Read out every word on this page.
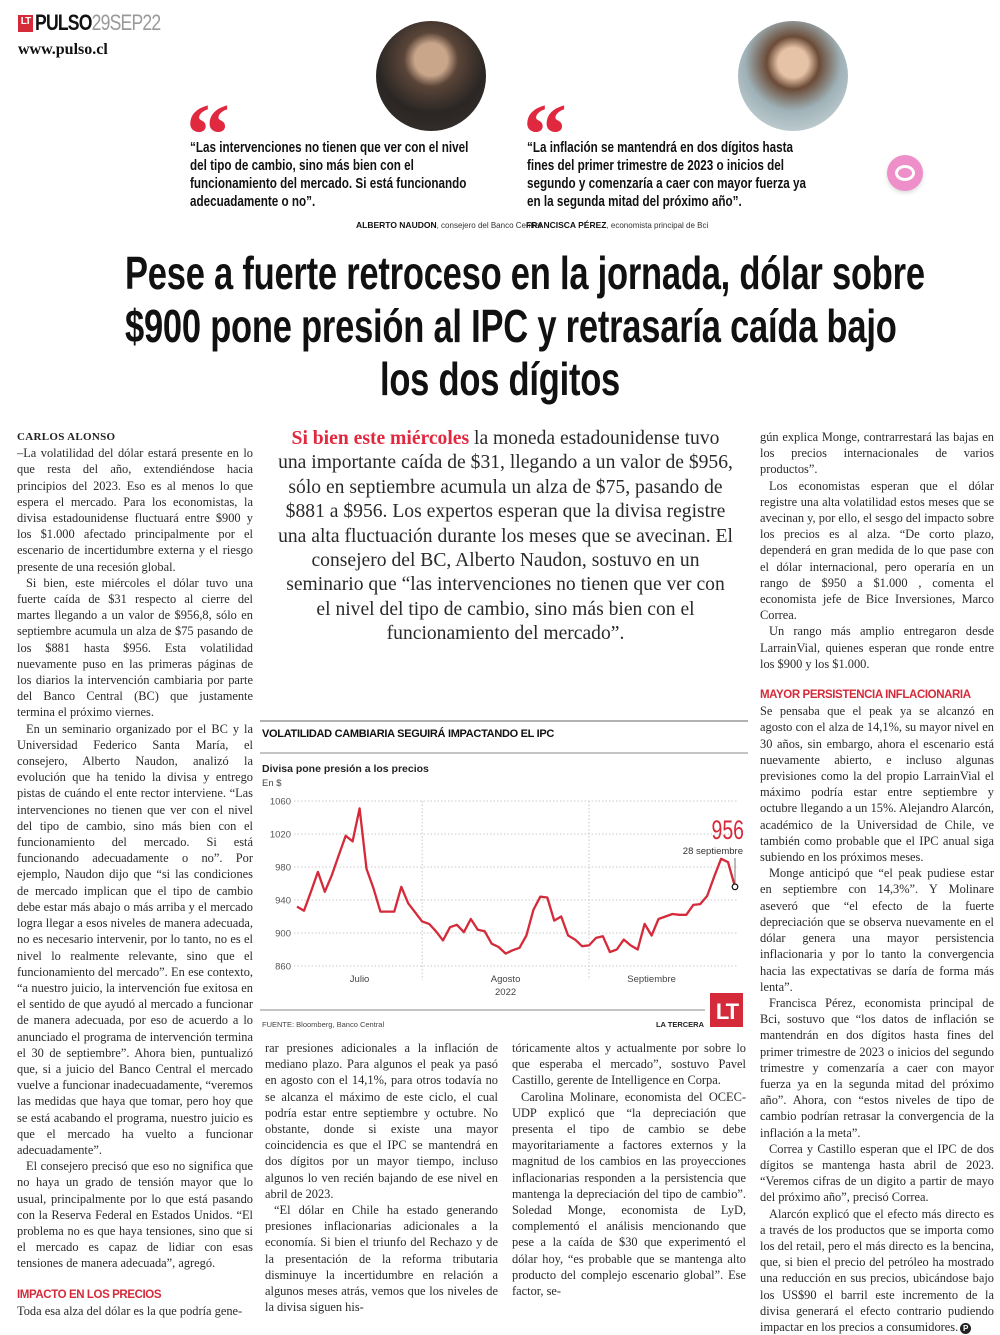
LT PULSO29SEP22
www.pulso.cl
“	“
“Las intervenciones no tienen que ver con el nivel del tipo de cambio, sino más bien con el funcionamiento del mercado. Si está funcionando adecuadamente o no”.
“La inflación se mantendrá en dos dígitos hasta fines del primer trimestre de 2023 o inicios del segundo y comenzaría a caer con mayor fuerza ya en la segunda mitad del próximo año”.
ALBERTO NAUDON, consejero del Banco Central
FRANCISCA PÉREZ, economista principal de Bci
Pese a fuerte retroceso en la jornada, dólar sobre
$900 pone presión al IPC y retrasaría caída bajo
los dos dígitos
Si bien este miércoles la moneda estadounidense tuvo una importante caída de $31, llegando a un valor de $956, sólo en septiembre acumula un alza de $75, pasando de $881 a $956. Los expertos esperan que la divisa registre una alta fluctuación durante los meses que se avecinan. El consejero del BC, Alberto Naudon, sostuvo en un seminario que “las intervenciones no tienen que ver con el nivel del tipo de cambio, sino más bien con el funcionamiento del mercado”.
CARLOS ALONSO

–La volatilidad del dólar estará presente en lo que resta del año, extendiéndose hacia principios del 2023. Eso es al menos lo que espera el mercado. Para los economistas, la divisa estadounidense fluctuará entre $900 y los $1.000 afectado principalmente por el escenario de incertidumbre externa y el riesgo presente de una recesión global.

Si bien, este miércoles el dólar tuvo una fuerte caída de $31 respecto al cierre del martes llegando a un valor de $956,8, sólo en septiembre acumula un alza de $75 pasando de los $881 hasta $956. Esta volatilidad nuevamente puso en las primeras páginas de los diarios la intervención cambiaria por parte del Banco Central (BC) que justamente termina el próximo viernes.

En un seminario organizado por el BC y la Universidad Federico Santa María, el consejero, Alberto Naudon, analizó la evolución que ha tenido la divisa y entrego pistas de cuándo el ente rector interviene. “Las intervenciones no tienen que ver con el nivel del tipo de cambio, sino más bien con el funcionamiento del mercado. Si está funcionando adecuadamente o no”. Por ejemplo, Naudon dijo que “si las condiciones de mercado implican que el tipo de cambio debe estar más abajo o más arriba y el mercado logra llegar a esos niveles de manera adecuada, no es necesario intervenir, por lo tanto, no es el nivel lo realmente relevante, sino que el funcionamiento del mercado”. En ese contexto, “a nuestro juicio, la intervención fue exitosa en el sentido de que ayudó al mercado a funcionar de manera adecuada, por eso de acuerdo a lo anunciado el programa de intervención termina el 30 de septiembre”. Ahora bien, puntualizó que, si a juicio del Banco Central el mercado vuelve a funcionar inadecuadamente, “veremos las medidas que haya que tomar, pero hoy que se está acabando el programa, nuestro juicio es que el mercado ha vuelto a funcionar adecuadamente”.

El consejero precisó que eso no significa que no haya un grado de tensión mayor que lo usual, principalmente por lo que está pasando con la Reserva Federal en Estados Unidos. “El problema no es que haya tensiones, sino que si el mercado es capaz de lidiar con esas tensiones de manera adecuada”, agregó.

IMPACTO EN LOS PRECIOS

Toda esa alza del dólar es la que podría gene-

rar presiones adicionales a la inflación de mediano plazo. Para algunos el peak ya pasó en agosto con el 14,1%, para otros todavía no se alcanza el máximo de este ciclo, el cual podría estar entre septiembre y octubre. No obstante, donde si existe una mayor coincidencia es que el IPC se mantendrá en dos dígitos por un mayor tiempo, incluso algunos lo ven recién bajando de ese nivel en abril de 2023.

“El dólar en Chile ha estado generando presiones inflacionarias adicionales a la economía. Si bien el triunfo del Rechazo y de la presentación de la reforma tributaria disminuye la incertidumbre en relación a algunos meses atrás, vemos que los niveles de la divisa siguen his-

tóricamente altos y actualmente por sobre lo que esperaba el mercado”, sostuvo Pavel Castillo, gerente de Intelligence en Corpa.

Carolina Molinare, economista del OCEC-UDP explicó que “la depreciación que presenta el tipo de cambio se debe mayoritariamente a factores externos y la magnitud de los cambios en las proyecciones inflacionarias responden a la persistencia que mantenga la depreciación del tipo de cambio”. Soledad Monge, economista de LyD, complementó el análisis mencionando que pese a la caída de $30 que experimentó el dólar hoy, “es probable que se mantenga alto producto del complejo escenario global”. Ese factor, se-

gún explica Monge, contrarrestará las bajas en los precios internacionales de varios productos”.

Los economistas esperan que el dólar registre una alta volatilidad estos meses que se avecinan y, por ello, el sesgo del impacto sobre los precios es al alza. “De corto plazo, dependerá en gran medida de lo que pase con el dólar internacional, pero operaría en un rango de $950 a $1.000 , comenta el economista jefe de Bice Inversiones, Marco Correa.

Un rango más amplio entregaron desde LarrainVial, quienes esperan que ronde entre los $900 y los $1.000.

MAYOR PERSISTENCIA INFLACIONARIA

Se pensaba que el peak ya se alcanzó en agosto con el alza de 14,1%, su mayor nivel en 30 años, sin embargo, ahora el escenario está nuevamente abierto, e incluso algunas previsiones como la del propio LarrainVial el máximo podría estar entre septiembre y octubre llegando a un 15%. Alejandro Alarcón, académico de la Universidad de Chile, ve también como probable que el IPC anual siga subiendo en los próximos meses.

Monge anticipó que “el peak pudiese estar en septiembre con 14,3%”. Y Molinare aseveró que “el efecto de la fuerte depreciación que se observa nuevamente en el dólar genera una mayor persistencia inflacionaria y por lo tanto la convergencia hacia las expectativas se daría de forma más lenta”.

Francisca Pérez, economista principal de Bci, sostuvo que “los datos de inflación se mantendrán en dos dígitos hasta fines del primer trimestre de 2023 o inicios del segundo trimestre y comenzaría a caer con mayor fuerza ya en la segunda mitad del próximo año”. Ahora, con “estos niveles de tipo de cambio podrían retrasar la convergencia de la inflación a la meta”.

Correa y Castillo esperan que el IPC de dos dígitos se mantenga hasta abril de 2023. “Veremos cifras de un digito a partir de mayo del próximo año”, precisó Correa.

Alarcón explicó que el efecto más directo es a través de los productos que se importa como los del retail, pero el más directo es la bencina, que, si bien el precio del petróleo ha mostrado una reducción en sus precios, ubicándose bajo los US$90 el barril este incremento de la divisa generará el efecto contrario pudiendo impactar en los precios a consumidores. P

VOLATILIDAD CAMBIARIA SEGUIRÁ IMPACTANDO EL IPC
Divisa pone presión a los precios
En $
1060
1020
980
940
900
860
Julio	Agosto	Septiembre
2022
956
28 septiembre
FUENTE: Bloomberg, Banco Central	LA TERCERA
LT
